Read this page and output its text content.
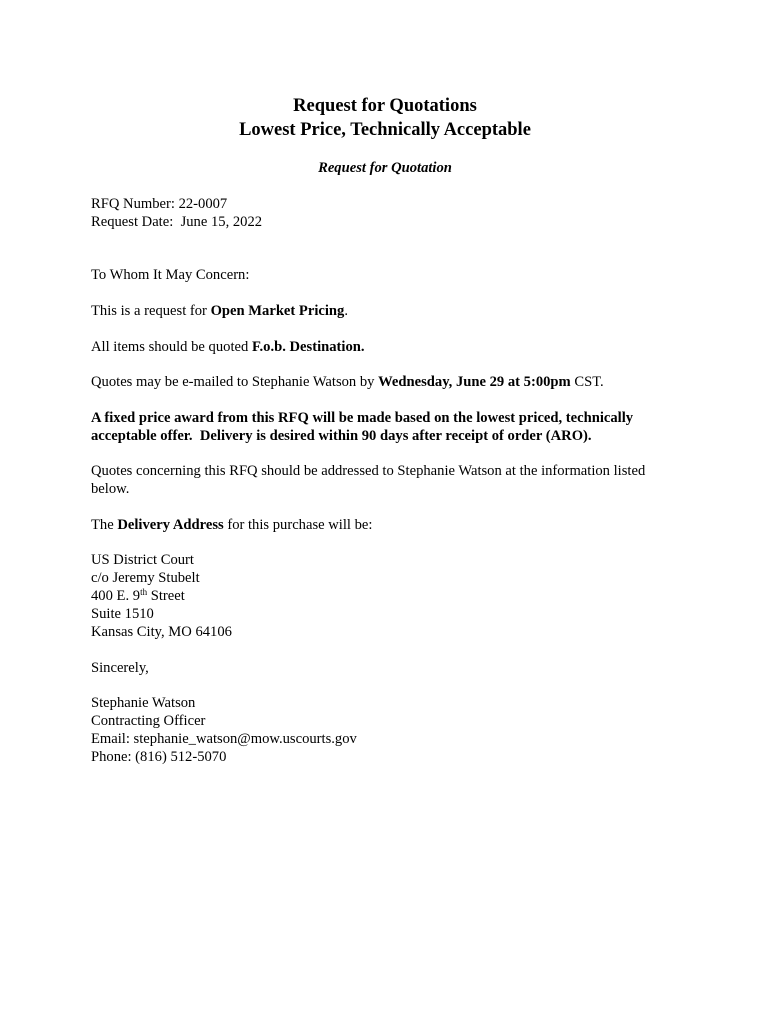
Request for Quotations
Lowest Price, Technically Acceptable
Request for Quotation
RFQ Number: 22-0007
Request Date: June 15, 2022
To Whom It May Concern:
This is a request for Open Market Pricing.
All items should be quoted F.o.b. Destination.
Quotes may be e-mailed to Stephanie Watson by Wednesday, June 29 at 5:00pm CST.
A fixed price award from this RFQ will be made based on the lowest priced, technically
acceptable offer.  Delivery is desired within 90 days after receipt of order (ARO).
Quotes concerning this RFQ should be addressed to Stephanie Watson at the information listed
below.
The Delivery Address for this purchase will be:
US District Court
c/o Jeremy Stubelt
400 E. 9th Street
Suite 1510
Kansas City, MO 64106
Sincerely,
Stephanie Watson
Contracting Officer
Email: stephanie_watson@mow.uscourts.gov
Phone: (816) 512-5070
